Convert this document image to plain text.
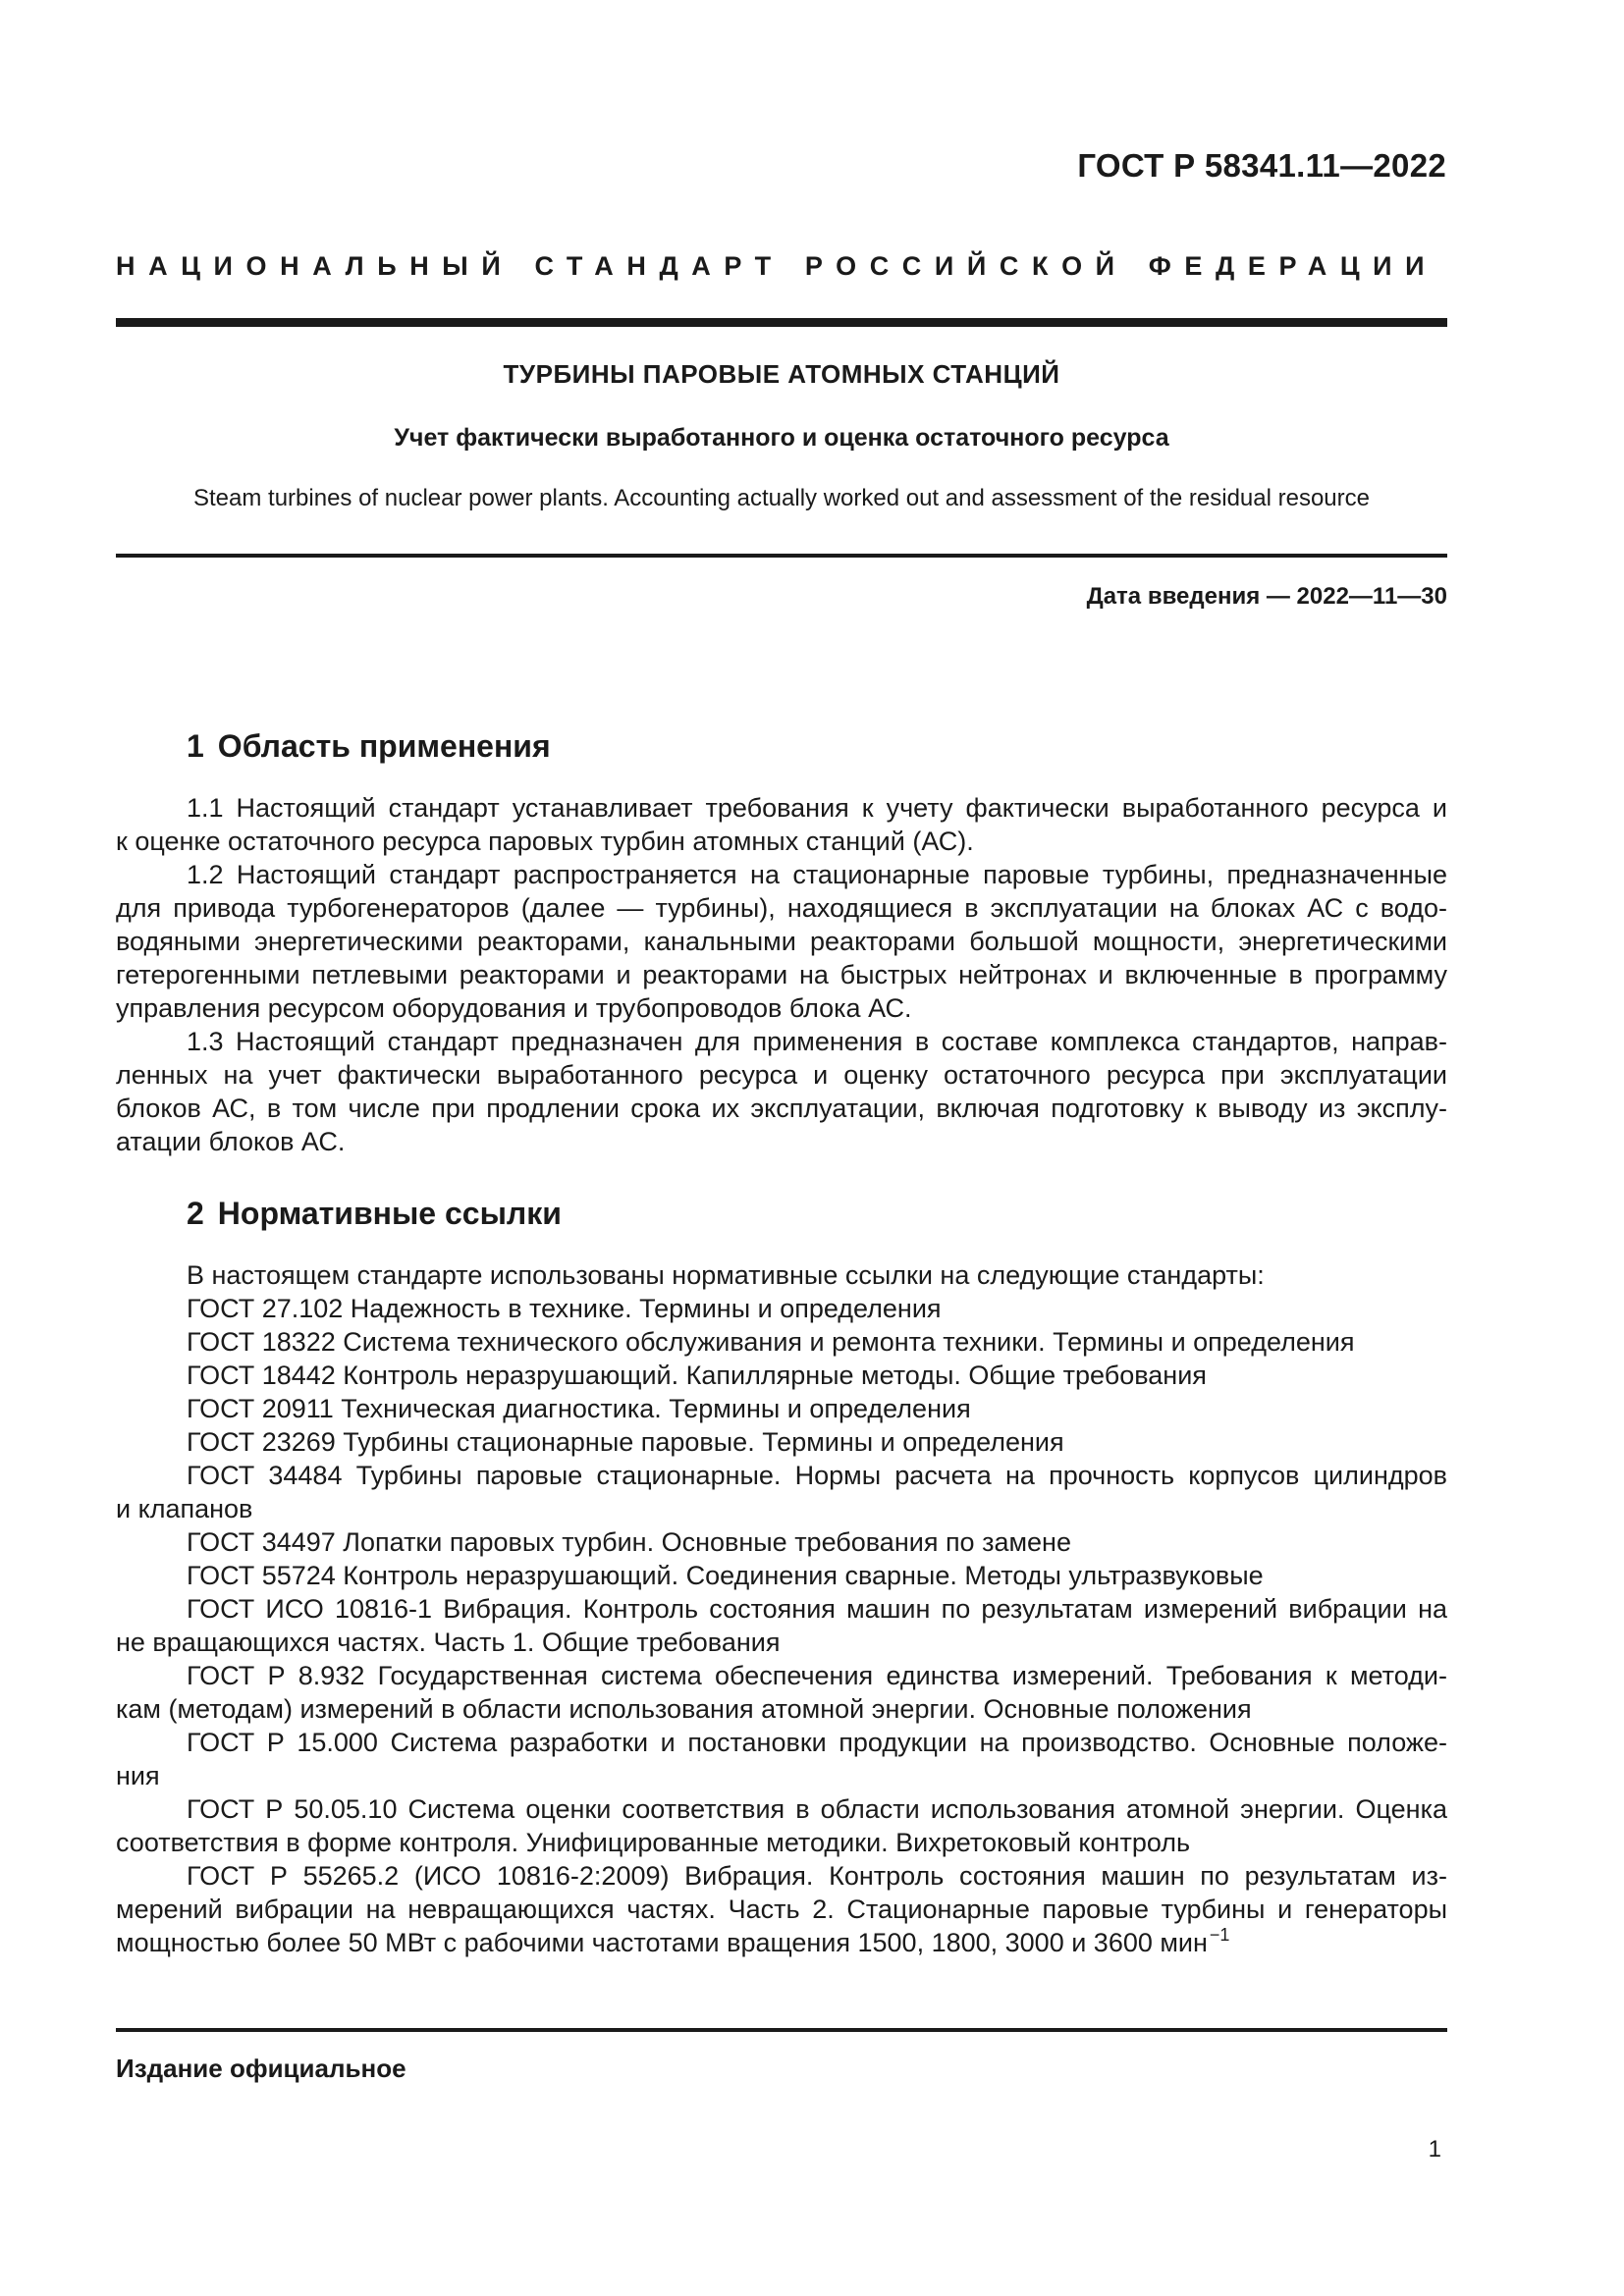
ГОСТ Р 58341.11—2022
НАЦИОНАЛЬНЫЙ СТАНДАРТ РОССИЙСКОЙ ФЕДЕРАЦИИ
ТУРБИНЫ ПАРОВЫЕ АТОМНЫХ СТАНЦИЙ
Учет фактически выработанного и оценка остаточного ресурса
Steam turbines of nuclear power plants. Accounting actually worked out and assessment of the residual resource
Дата введения — 2022—11—30
1 Область применения
1.1 Настоящий стандарт устанавливает требования к учету фактически выработанного ресурса и
к оценке остаточного ресурса паровых турбин атомных станций (АС).
1.2 Настоящий стандарт распространяется на стационарные паровые турбины, предназначенные
для привода турбогенераторов (далее — турбины), находящиеся в эксплуатации на блоках АС с водо-
водяными энергетическими реакторами, канальными реакторами большой мощности, энергетическими
гетерогенными петлевыми реакторами и реакторами на быстрых нейтронах и включенные в программу
управления ресурсом оборудования и трубопроводов блока АС.
1.3 Настоящий стандарт предназначен для применения в составе комплекса стандартов, направ-
ленных на учет фактически выработанного ресурса и оценку остаточного ресурса при эксплуатации
блоков АС, в том числе при продлении срока их эксплуатации, включая подготовку к выводу из эксплу-
атации блоков АС.
2 Нормативные ссылки
В настоящем стандарте использованы нормативные ссылки на следующие стандарты:
ГОСТ 27.102 Надежность в технике. Термины и определения
ГОСТ 18322 Система технического обслуживания и ремонта техники. Термины и определения
ГОСТ 18442 Контроль неразрушающий. Капиллярные методы. Общие требования
ГОСТ 20911 Техническая диагностика. Термины и определения
ГОСТ 23269 Турбины стационарные паровые. Термины и определения
ГОСТ 34484 Турбины паровые стационарные. Нормы расчета на прочность корпусов цилиндров
и клапанов
ГОСТ 34497 Лопатки паровых турбин. Основные требования по замене
ГОСТ 55724 Контроль неразрушающий. Соединения сварные. Методы ультразвуковые
ГОСТ ИСО 10816-1 Вибрация. Контроль состояния машин по результатам измерений вибрации на
не вращающихся частях. Часть 1. Общие требования
ГОСТ Р 8.932 Государственная система обеспечения единства измерений. Требования к методи-
кам (методам) измерений в области использования атомной энергии. Основные положения
ГОСТ Р 15.000 Система разработки и постановки продукции на производство. Основные положе-
ния
ГОСТ Р 50.05.10 Система оценки соответствия в области использования атомной энергии. Оценка
соответствия в форме контроля. Унифицированные методики. Вихретоковый контроль
ГОСТ Р 55265.2 (ИСО 10816-2:2009) Вибрация. Контроль состояния машин по результатам из-
мерений вибрации на невращающихся частях. Часть 2. Стационарные паровые турбины и генераторы
мощностью более 50 МВт с рабочими частотами вращения 1500, 1800, 3000 и 3600 мин $^{-1}$
Издание официальное
1
